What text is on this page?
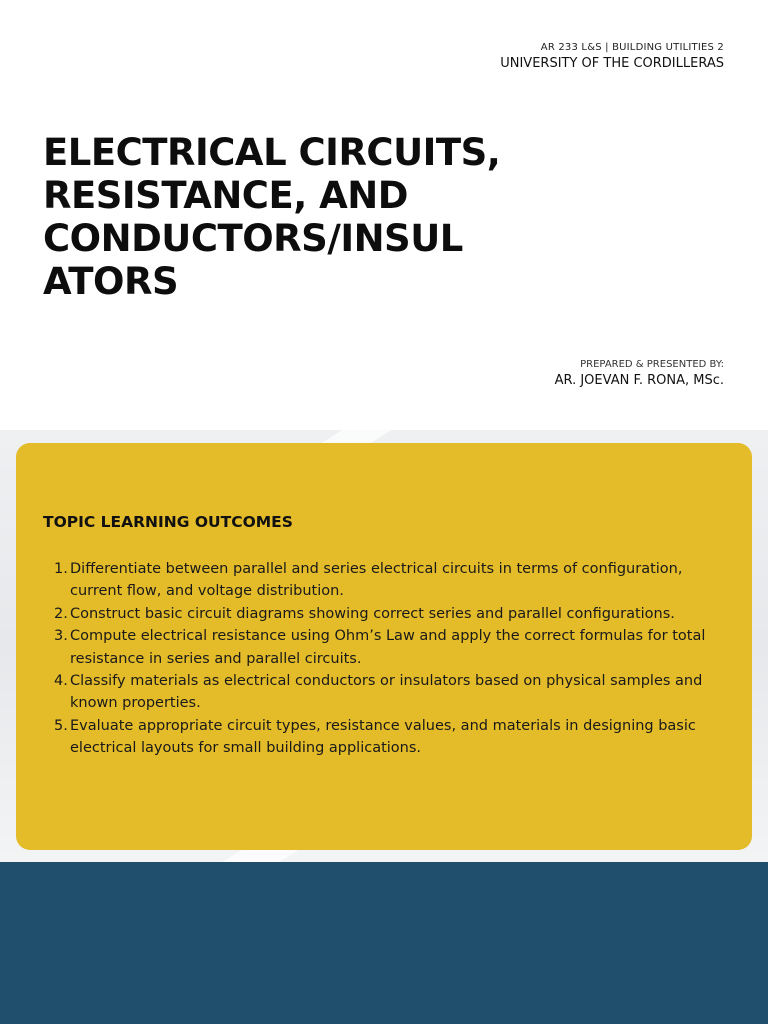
AR 233 L&S | BUILDING UTILITIES 2
UNIVERSITY OF THE CORDILLERAS
ELECTRICAL CIRCUITS,
RESISTANCE, AND
CONDUCTORS/INSUL
ATORS
PREPARED & PRESENTED BY:
AR. JOEVAN F. RONA, MSc.
TOPIC LEARNING OUTCOMES
1. Differentiate between parallel and series electrical circuits in terms of configuration, current flow, and voltage distribution.
2. Construct basic circuit diagrams showing correct series and parallel configurations.
3. Compute electrical resistance using Ohm’s Law and apply the correct formulas for total resistance in series and parallel circuits.
4. Classify materials as electrical conductors or insulators based on physical samples and known properties.
5. Evaluate appropriate circuit types, resistance values, and materials in designing basic electrical layouts for small building applications.
